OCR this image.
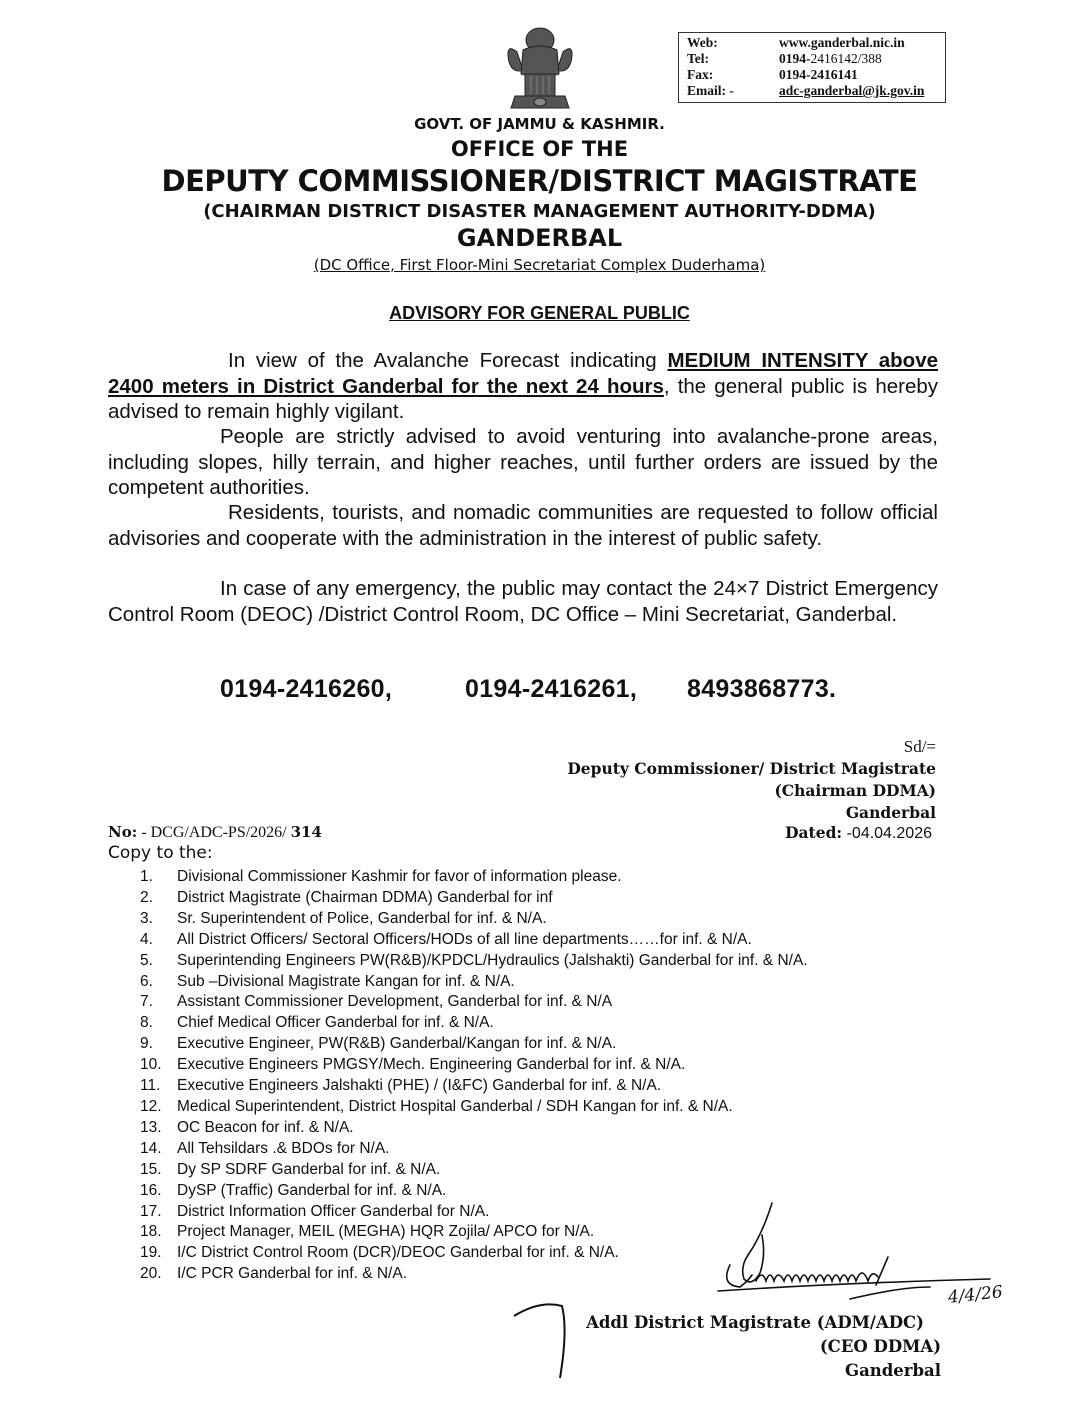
Web:	www.ganderbal.nic.in
Tel:	0194-2416142/388
Fax:	0194-2416141
Email: -	adc-ganderbal@jk.gov.in
GOVT. OF JAMMU & KASHMIR.
OFFICE OF THE
DEPUTY COMMISSIONER/DISTRICT MAGISTRATE
(CHAIRMAN DISTRICT DISASTER MANAGEMENT AUTHORITY-DDMA)
GANDERBAL
(DC Office, First Floor-Mini Secretariat Complex Duderhama)
ADVISORY FOR GENERAL PUBLIC
In view of the Avalanche Forecast indicating MEDIUM INTENSITY above 2400 meters in District Ganderbal for the next 24 hours, the general public is hereby advised to remain highly vigilant.
People are strictly advised to avoid venturing into avalanche-prone areas, including slopes, hilly terrain, and higher reaches, until further orders are issued by the competent authorities.
Residents, tourists, and nomadic communities are requested to follow official advisories and cooperate with the administration in the interest of public safety.
In case of any emergency, the public may contact the 24×7 District Emergency Control Room (DEOC) /District Control Room, DC Office – Mini Secretariat, Ganderbal.
0194-2416260,	0194-2416261, 8493868773.
Sd/=
Deputy Commissioner/ District Magistrate
(Chairman DDMA)
Ganderbal
Dated: -04.04.2026
No: - DCG/ADC-PS/2026/ 314
Copy to the:
1.	Divisional Commissioner Kashmir for favor of information please.
2.	District Magistrate (Chairman DDMA) Ganderbal for inf
3.	Sr. Superintendent of Police, Ganderbal for inf. & N/A.
4.	All District Officers/ Sectoral Officers/HODs of all line departments……for inf. & N/A.
5.	Superintending Engineers PW(R&B)/KPDCL/Hydraulics (Jalshakti) Ganderbal for inf. & N/A.
6.	Sub –Divisional Magistrate Kangan for inf. & N/A.
7.	Assistant Commissioner Development, Ganderbal for inf. & N/A
8.	Chief Medical Officer Ganderbal for inf. & N/A.
9.	Executive Engineer, PW(R&B) Ganderbal/Kangan for inf. & N/A.
10. Executive Engineers PMGSY/Mech. Engineering Ganderbal for inf. & N/A.
11.	Executive Engineers Jalshakti (PHE) / (I&FC) Ganderbal for inf. & N/A.
12. Medical Superintendent, District Hospital Ganderbal / SDH Kangan for inf. & N/A.
13. OC Beacon for inf. & N/A.
14. All Tehsildars .& BDOs for N/A.
15. Dy SP SDRF Ganderbal for inf. & N/A.
16. DySP (Traffic) Ganderbal for inf. & N/A.
17. District Information Officer Ganderbal for N/A.
18. Project Manager, MEIL (MEGHA) HQR Zojila/ APCO for N/A.
19. I/C District Control Room (DCR)/DEOC Ganderbal for inf. & N/A.
20. I/C PCR Ganderbal for inf. & N/A.
4/4/26
Addl District Magistrate (ADM/ADC)
(CEO DDMA)
Ganderbal
